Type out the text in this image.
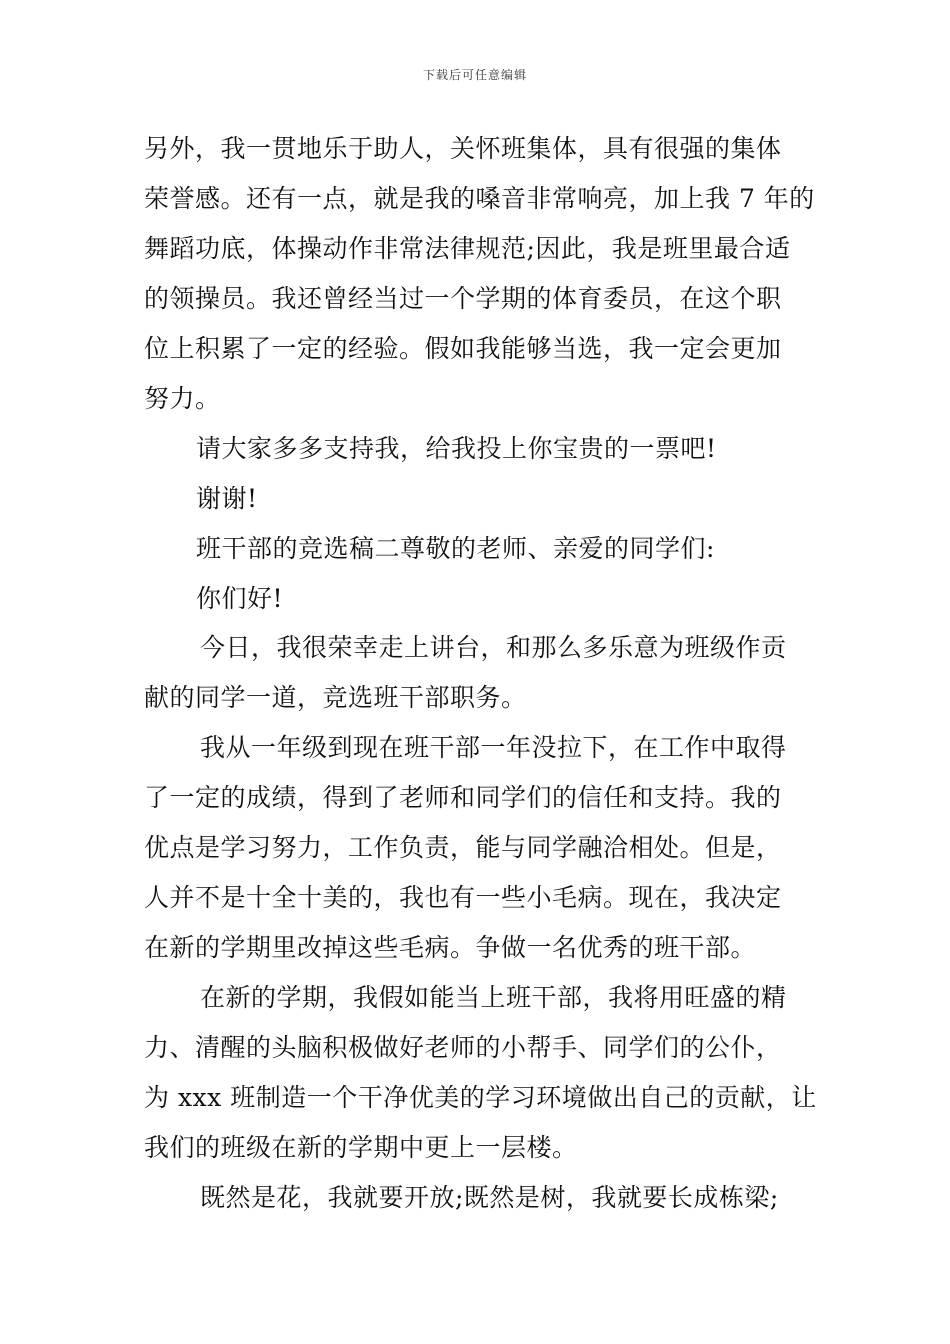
下载后可任意编辑
另外，我一贯地乐于助人，关怀班集体，具有很强的集体
荣誉感。还有一点，就是我的嗓音非常响亮，加上我 7 年的
舞蹈功底，体操动作非常法律规范;因此，我是班里最合适
的领操员。我还曾经当过一个学期的体育委员，在这个职
位上积累了一定的经验。假如我能够当选，我一定会更加
努力。
请大家多多支持我，给我投上你宝贵的一票吧!
谢谢!
班干部的竞选稿二尊敬的老师、亲爱的同学们:
你们好!
今日，我很荣幸走上讲台，和那么多乐意为班级作贡
献的同学一道，竞选班干部职务。
我从一年级到现在班干部一年没拉下，在工作中取得
了一定的成绩，得到了老师和同学们的信任和支持。我的
优点是学习努力，工作负责，能与同学融洽相处。但是，
人并不是十全十美的，我也有一些小毛病。现在，我决定
在新的学期里改掉这些毛病。争做一名优秀的班干部。
在新的学期，我假如能当上班干部，我将用旺盛的精
力、清醒的头脑积极做好老师的小帮手、同学们的公仆，
为 xxx 班制造一个干净优美的学习环境做出自己的贡献，让
我们的班级在新的学期中更上一层楼。
既然是花，我就要开放;既然是树，我就要长成栋梁;
